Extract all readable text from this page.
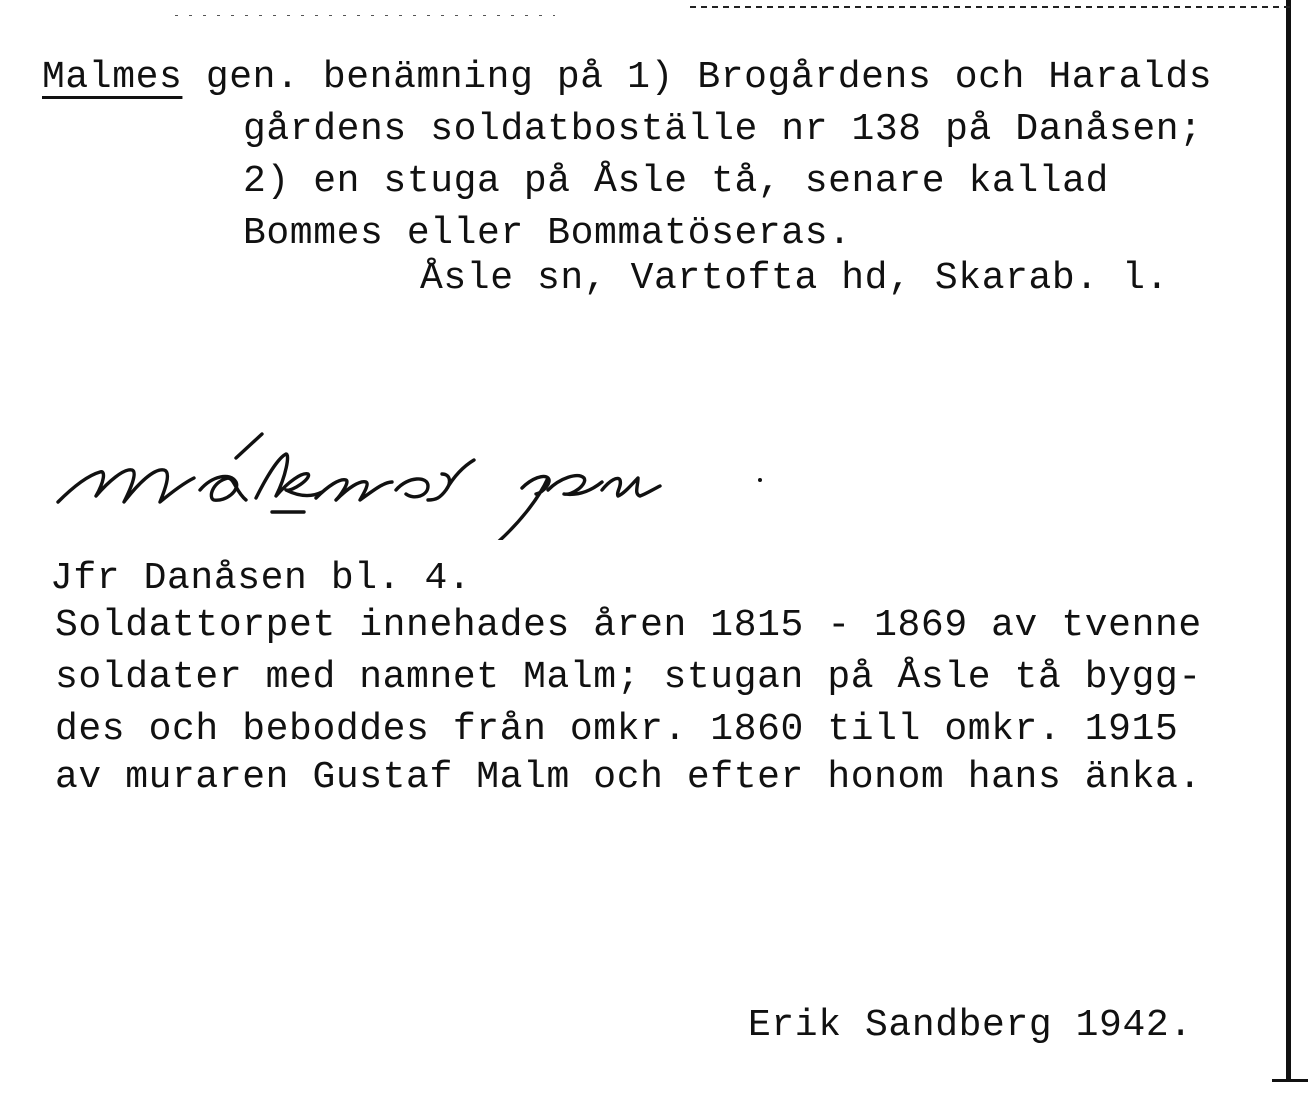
Malmes gen. benämning på 1) Brogårdens och Haralds

gårdens soldatboställe nr 138 på Danåsen;

2) en stuga på Åsle tå, senare kallad

Bommes eller Bommatöseras.

Åsle sn, Vartofta hd, Skarab. l.

Jfr Danåsen bl. 4.

Soldattorpet innehades åren 1815 - 1869 av tvenne

soldater med namnet Malm; stugan på Åsle tå bygg-

des och beboddes från omkr. 1860 till omkr. 1915

av muraren Gustaf Malm och efter honom hans änka.

Erik Sandberg 1942.
